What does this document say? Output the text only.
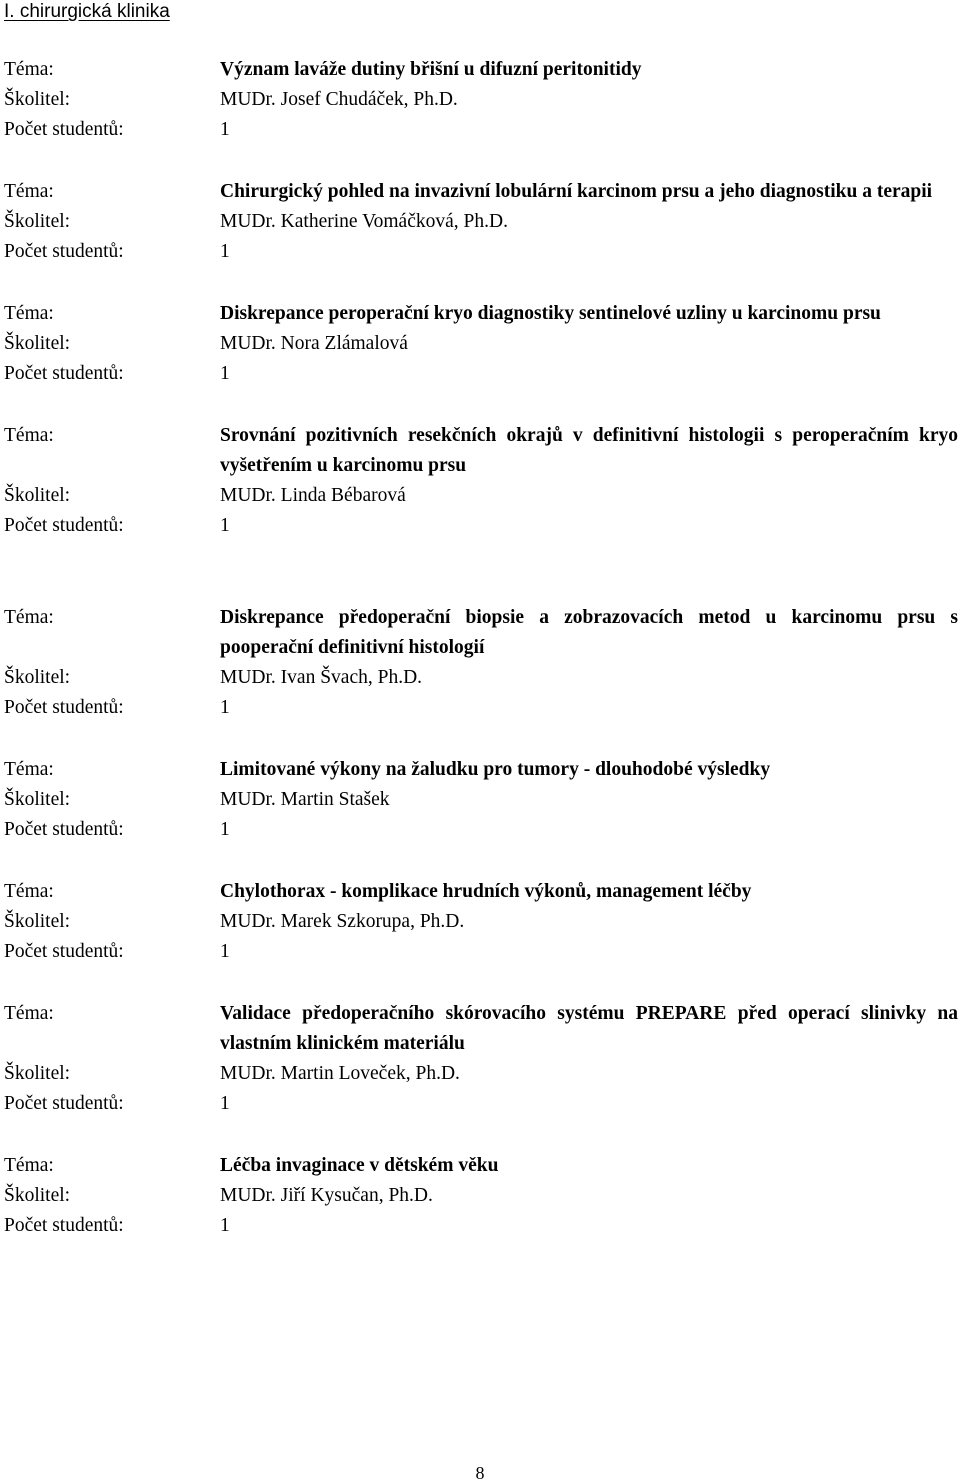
I. chirurgická klinika
Téma:	Význam laváže dutiny břišní u difuzní peritonitidy
Školitel:	MUDr. Josef Chudáček, Ph.D.
Počet studentů:	1
Téma:	Chirurgický pohled na invazivní lobulární karcinom prsu a jeho diagnostiku a terapii
Školitel:	MUDr. Katherine Vomáčková, Ph.D.
Počet studentů:	1
Téma:	Diskrepance peroperační kryo diagnostiky sentinelové uzliny u karcinomu prsu
Školitel:	MUDr. Nora Zlámalová
Počet studentů:	1
Téma:	Srovnání pozitivních resekčních okrajů v definitivní histologii s peroperačním kryo vyšetřením u karcinomu prsu
Školitel:	MUDr. Linda Bébarová
Počet studentů:	1
Téma:	Diskrepance předoperační biopsie a zobrazovacích metod u karcinomu prsu s pooperační definitivní histologií
Školitel:	MUDr. Ivan Švach, Ph.D.
Počet studentů:	1
Téma:	Limitované výkony na žaludku pro tumory - dlouhodobé výsledky
Školitel:	MUDr. Martin Stašek
Počet studentů:	1
Téma:	Chylothorax - komplikace hrudních výkonů, management léčby
Školitel:	MUDr. Marek Szkorupa, Ph.D.
Počet studentů:	1
Téma:	Validace předoperačního skórovacího systému PREPARE před operací slinivky na vlastním klinickém materiálu
Školitel:	MUDr. Martin Loveček, Ph.D.
Počet studentů:	1
Téma:	Léčba invaginace v dětském věku
Školitel:	MUDr. Jiří Kysučan, Ph.D.
Počet studentů:	1
8
